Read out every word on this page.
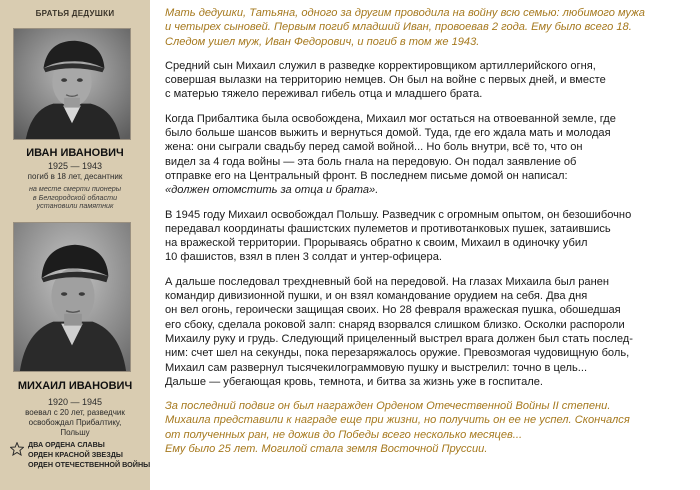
БРАТЬЯ ДЕДУШКИ
ИВАН ИВАНОВИЧ
1925 — 1943
погиб в 18 лет, десантник
на месте смерти пионеры
в Белгородской области
установили памятник
МИХАИЛ ИВАНОВИЧ
1920 — 1945
воевал с 20 лет, разведчик
освобождал Прибалтику,
Польшу
ДВА ОРДЕНА СЛАВЫ
ОРДЕН КРАСНОЙ ЗВЕЗДЫ
ОРДЕН ОТЕЧЕСТВЕННОЙ ВОЙНЫ
Мать дедушки, Татьяна, одного за другим проводила на войну всю семью: любимого мужа
и четырех сыновей. Первым погиб младший Иван, провоевав 2 года. Ему было всего 18.
Следом ушел муж, Иван Федорович, и погиб в том же 1943.
Средний сын Михаил служил в разведке корректировщиком артиллерийского огня,
совершая вылазки на территорию немцев. Он был на войне с первых дней, и вместе
с матерью тяжело переживал гибель отца и младшего брата.
Когда Прибалтика была освобождена, Михаил мог остаться на отвоеванной земле, где
было больше шансов выжить и вернуться домой. Туда, где его ждала мать и молодая
жена: они сыграли свадьбу перед самой войной... Но боль внутри, всё то, что он
видел за 4 года войны — эта боль гнала на передовую. Он подал заявление об
отправке его на Центральный фронт. В последнем письме домой он написал:
«должен отомстить за отца и брата».
В 1945 году Михаил освобождал Польшу. Разведчик с огромным опытом, он безошибочно
передавал координаты фашистских пулеметов и противотанковых пушек, затаившись
на вражеской территории. Прорываясь обратно к своим, Михаил в одиночку убил
10 фашистов, взял в плен 3 солдат и унтер-офицера.
А дальше последовал трехдневный бой на передовой. На глазах Михаила был ранен
командир дивизионной пушки, и он взял командование орудием на себя. Два дня
он вел огонь, героически защищая своих. Но 28 февраля вражеская пушка, обошедшая
его сбоку, сделала роковой залп: снаряд взорвался слишком близко. Осколки распороли
Михаилу руку и грудь. Следующий прицеленный выстрел врага должен был стать послед-
ним: счет шел на секунды, пока перезаряжалось оружие. Превозмогая чудовищную боль,
Михаил сам развернул тысячекилограммовую пушку и выстрелил: точно в цель...
Дальше — убегающая кровь, темнота, и битва за жизнь уже в госпитале.
За последний подвиг он был награжден Орденом Отечественной Войны II степени.
Михаила представили к награде еще при жизни, но получить он ее не успел. Скончался
от полученных ран, не дожив до Победы всего несколько месяцев...
Ему было 25 лет. Могилой стала земля Восточной Пруссии.
